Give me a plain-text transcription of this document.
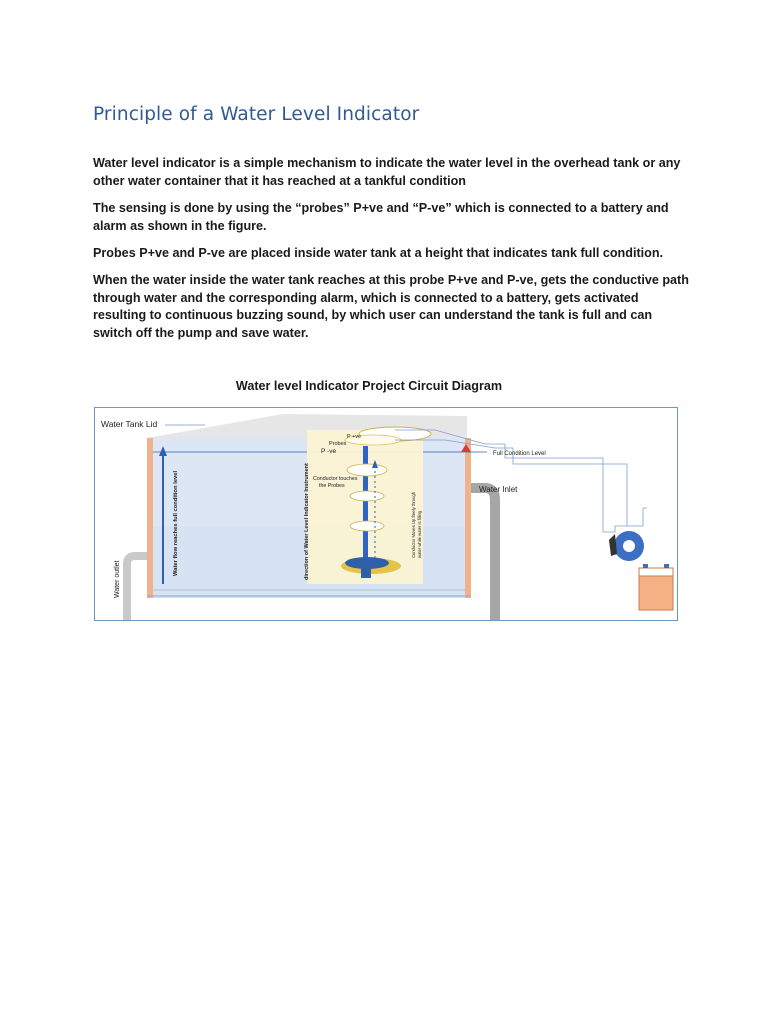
Principle of a Water Level Indicator

Water level indicator is a simple mechanism to indicate the water level in the overhead tank or any other water container that it has reached at a tankful condition

The sensing is done by using the “probes” P+ve and “P-ve” which is connected to a battery and alarm as shown in the figure.

Probes P+ve and P-ve are placed inside water tank at a height that indicates tank full condition.

When the water inside the water tank reaches at this probe P+ve and P-ve, gets the conductive path through water and the corresponding alarm, which is connected to a battery, gets activated resulting to continuous buzzing sound, by which user can understand the tank is full and can switch off the pump and save water.

Water level Indicator Project Circuit Diagram
Water Tank Lid
P +ve
Probes
P -ve	Full Condition Level
Water Inlet
Conductor touches
the Probes
Water outlet
Water flow reaches full condition level	direction of Water Level Indicator Instrument	Conductor Moves Up freely through water while water is filling
